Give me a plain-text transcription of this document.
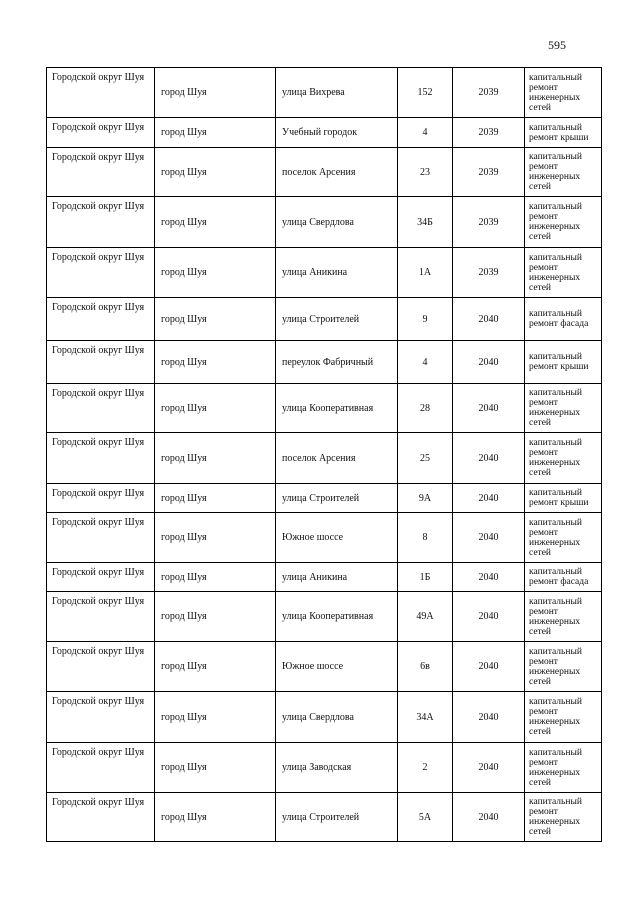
595
Городской округ Шуя	город Шуя	улица Вихрева	152	2039	капитальный ремонт инженерных сетей
Городской округ Шуя	город Шуя	Учебный городок	4	2039	капитальный ремонт крыши
Городской округ Шуя	город Шуя	поселок Арсения	23	2039	капитальный ремонт инженерных сетей
Городской округ Шуя	город Шуя	улица Свердлова	34Б	2039	капитальный ремонт инженерных сетей
Городской округ Шуя	город Шуя	улица Аникина	1А	2039	капитальный ремонт инженерных сетей
Городской округ Шуя	город Шуя	улица Строителей	9	2040	капитальный ремонт фасада
Городской округ Шуя	город Шуя	переулок Фабричный	4	2040	капитальный ремонт крыши
Городской округ Шуя	город Шуя	улица Кооперативная	28	2040	капитальный ремонт инженерных сетей
Городской округ Шуя	город Шуя	поселок Арсения	25	2040	капитальный ремонт инженерных сетей
Городской округ Шуя	город Шуя	улица Строителей	9А	2040	капитальный ремонт крыши
Городской округ Шуя	город Шуя	Южное шоссе	8	2040	капитальный ремонт инженерных сетей
Городской округ Шуя	город Шуя	улица Аникина	1Б	2040	капитальный ремонт фасада
Городской округ Шуя	город Шуя	улица Кооперативная	49А	2040	капитальный ремонт инженерных сетей
Городской округ Шуя	город Шуя	Южное шоссе	6в	2040	капитальный ремонт инженерных сетей
Городской округ Шуя	город Шуя	улица Свердлова	34А	2040	капитальный ремонт инженерных сетей
Городской округ Шуя	город Шуя	улица Заводская	2	2040	капитальный ремонт инженерных сетей
Городской округ Шуя	город Шуя	улица Строителей	5А	2040	капитальный ремонт инженерных сетей
